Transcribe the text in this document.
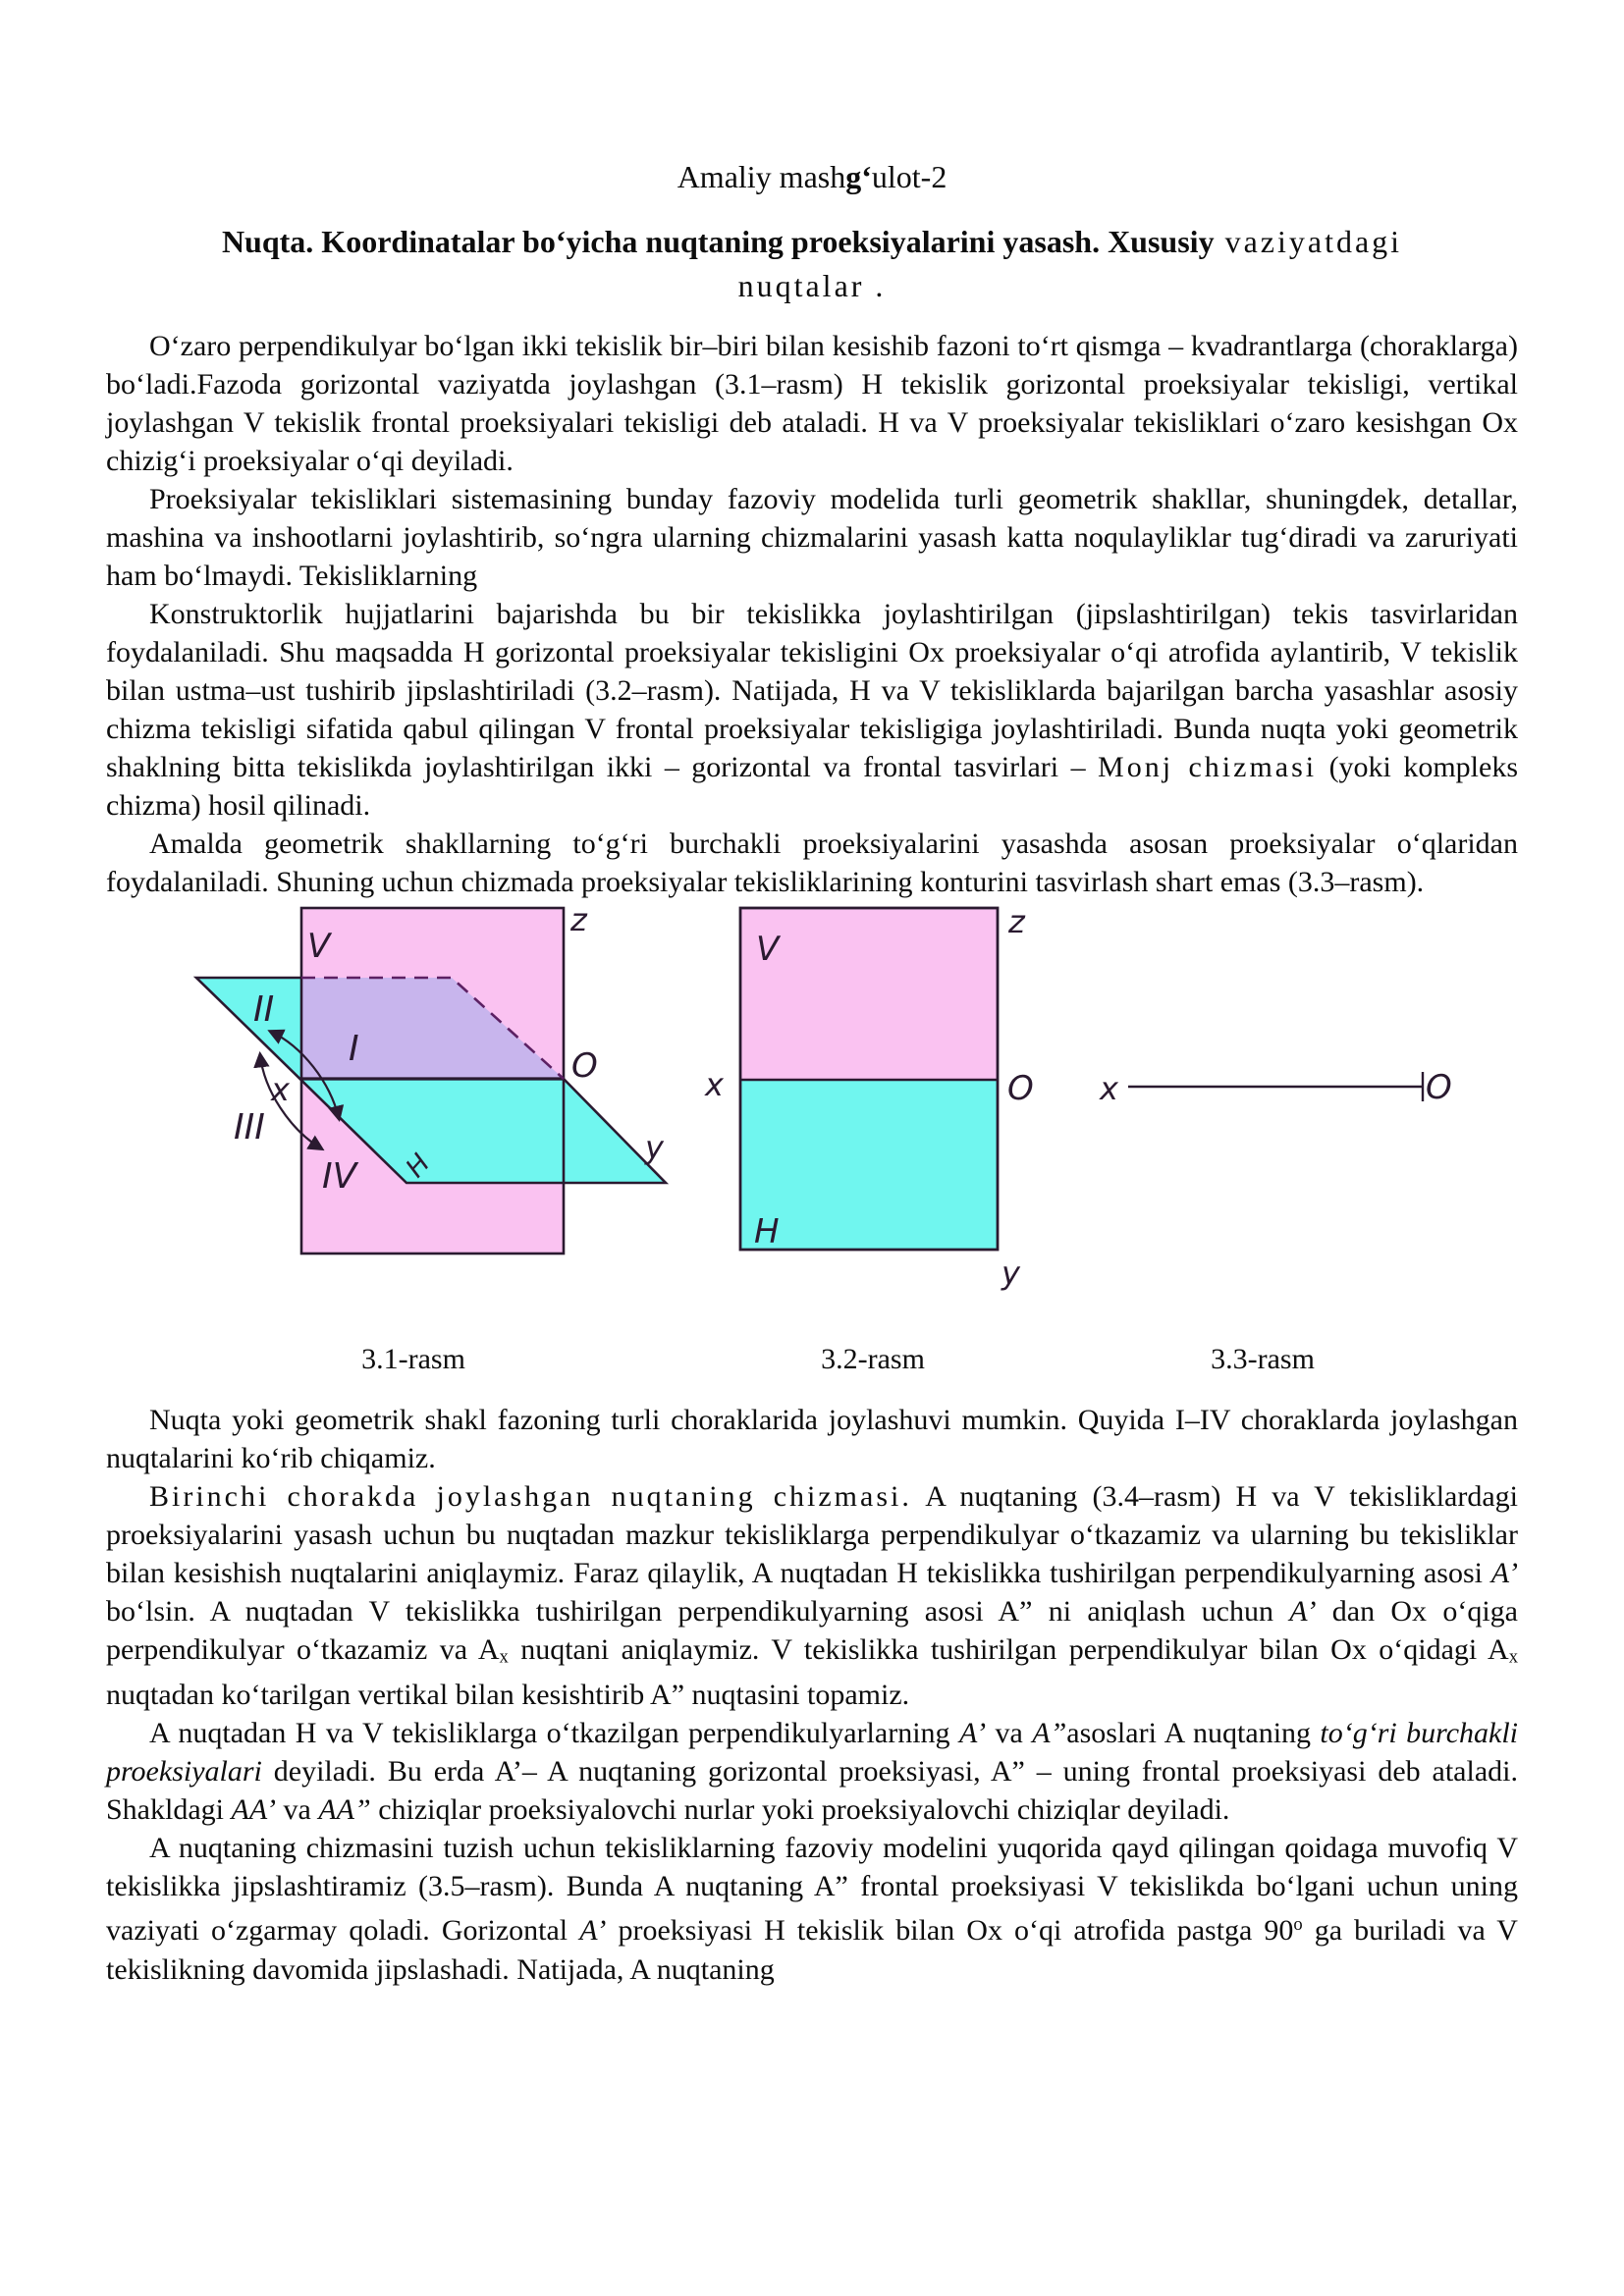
Amaliy mashg‘ulot-2
Nuqta. Koordinatalar bo‘yicha nuqtaning proeksiyalarini yasash. Xususiy vaziyatdagi
nuqtalar .

O‘zaro perpendikulyar bo‘lgan ikki tekislik bir–biri bilan kesishib fazoni to‘rt qismga – kvadrantlarga (choraklarga) bo‘ladi.Fazoda gorizontal vaziyatda joylashgan (3.1–rasm) H tekislik gorizontal proeksiyalar tekisligi, vertikal joylashgan V tekislik frontal proeksiyalari tekisligi deb ataladi. H va V proeksiyalar tekisliklari o‘zaro kesishgan Ox chizig‘i proeksiyalar o‘qi deyiladi.

Proeksiyalar tekisliklari sistemasining bunday fazoviy modelida turli geometrik shakllar, shuningdek, detallar, mashina va inshootlarni joylashtirib, so‘ngra ularning chizmalarini yasash katta noqulayliklar tug‘diradi va zaruriyati ham bo‘lmaydi. Tekisliklarning

Konstruktorlik hujjatlarini bajarishda bu bir tekislikka joylashtirilgan (jipslashtirilgan) tekis tasvirlaridan foydalaniladi. Shu maqsadda H gorizontal proeksiyalar tekisligini Ox proeksiyalar o‘qi atrofida aylantirib, V tekislik bilan ustma–ust tushirib jipslashtiriladi (3.2–rasm). Natijada, H va V tekisliklarda bajarilgan barcha yasashlar asosiy chizma tekisligi sifatida qabul qilingan V frontal proeksiyalar tekisligiga joylashtiriladi. Bunda nuqta yoki geometrik shaklning bitta tekislikda joylashtirilgan ikki – gorizontal va frontal tasvirlari – Monj chizmasi (yoki kompleks chizma) hosil qilinadi.

Amalda geometrik shakllarning to‘g‘ri burchakli proeksiyalarini yasashda asosan proeksiyalar o‘qlaridan foydalaniladi. Shuning uchun chizmada proeksiyalar tekisliklarining konturini tasvirlash shart emas (3.3–rasm).

V
z
II
I
x
III
IV H
O
y
V
H
z
x	O
y
x	O
3.1-rasm	3.2-rasm	3.3-rasm

Nuqta yoki geometrik shakl fazoning turli choraklarida joylashuvi mumkin. Quyida I–IV choraklarda joylashgan nuqtalarini ko‘rib chiqamiz.

Birinchi chorakda joylashgan nuqtaning chizmasi. A nuqtaning (3.4–rasm) H va V tekisliklardagi proeksiyalarini yasash uchun bu nuqtadan mazkur tekisliklarga perpendikulyar o‘tkazamiz va ularning bu tekisliklar bilan kesishish nuqtalarini aniqlaymiz. Faraz qilaylik, A nuqtadan H tekislikka tushirilgan perpendikulyarning asosi A’ bo‘lsin. A nuqtadan V tekislikka tushirilgan perpendikulyarning asosi A” ni aniqlash uchun A’ dan Ox o‘qiga perpendikulyar o‘tkazamiz va Ax nuqtani aniqlaymiz. V tekislikka tushirilgan perpendikulyar bilan Ox o‘qidagi Ax nuqtadan ko‘tarilgan vertikal bilan kesishtirib A” nuqtasini topamiz.

A nuqtadan H va V tekisliklarga o‘tkazilgan perpendikulyarlarning A’ va A”asoslari A nuqtaning to‘g‘ri burchakli proeksiyalari deyiladi. Bu erda A’– A nuqtaning gorizontal proeksiyasi, A” – uning frontal proeksiyasi deb ataladi. Shakldagi AA’ va AA” chiziqlar proeksiyalovchi nurlar yoki proeksiyalovchi chiziqlar deyiladi.

A nuqtaning chizmasini tuzish uchun tekisliklarning fazoviy modelini yuqorida qayd qilingan qoidaga muvofiq V tekislikka jipslashtiramiz (3.5–rasm). Bunda A nuqtaning A” frontal proeksiyasi V tekislikda bo‘lgani uchun uning vaziyati o‘zgarmay qoladi. Gorizontal A’ proeksiyasi H tekislik bilan Ox o‘qi atrofida pastga 90$^o$ ga buriladi va V tekislikning davomida jipslashadi. Natijada, A nuqtaning
